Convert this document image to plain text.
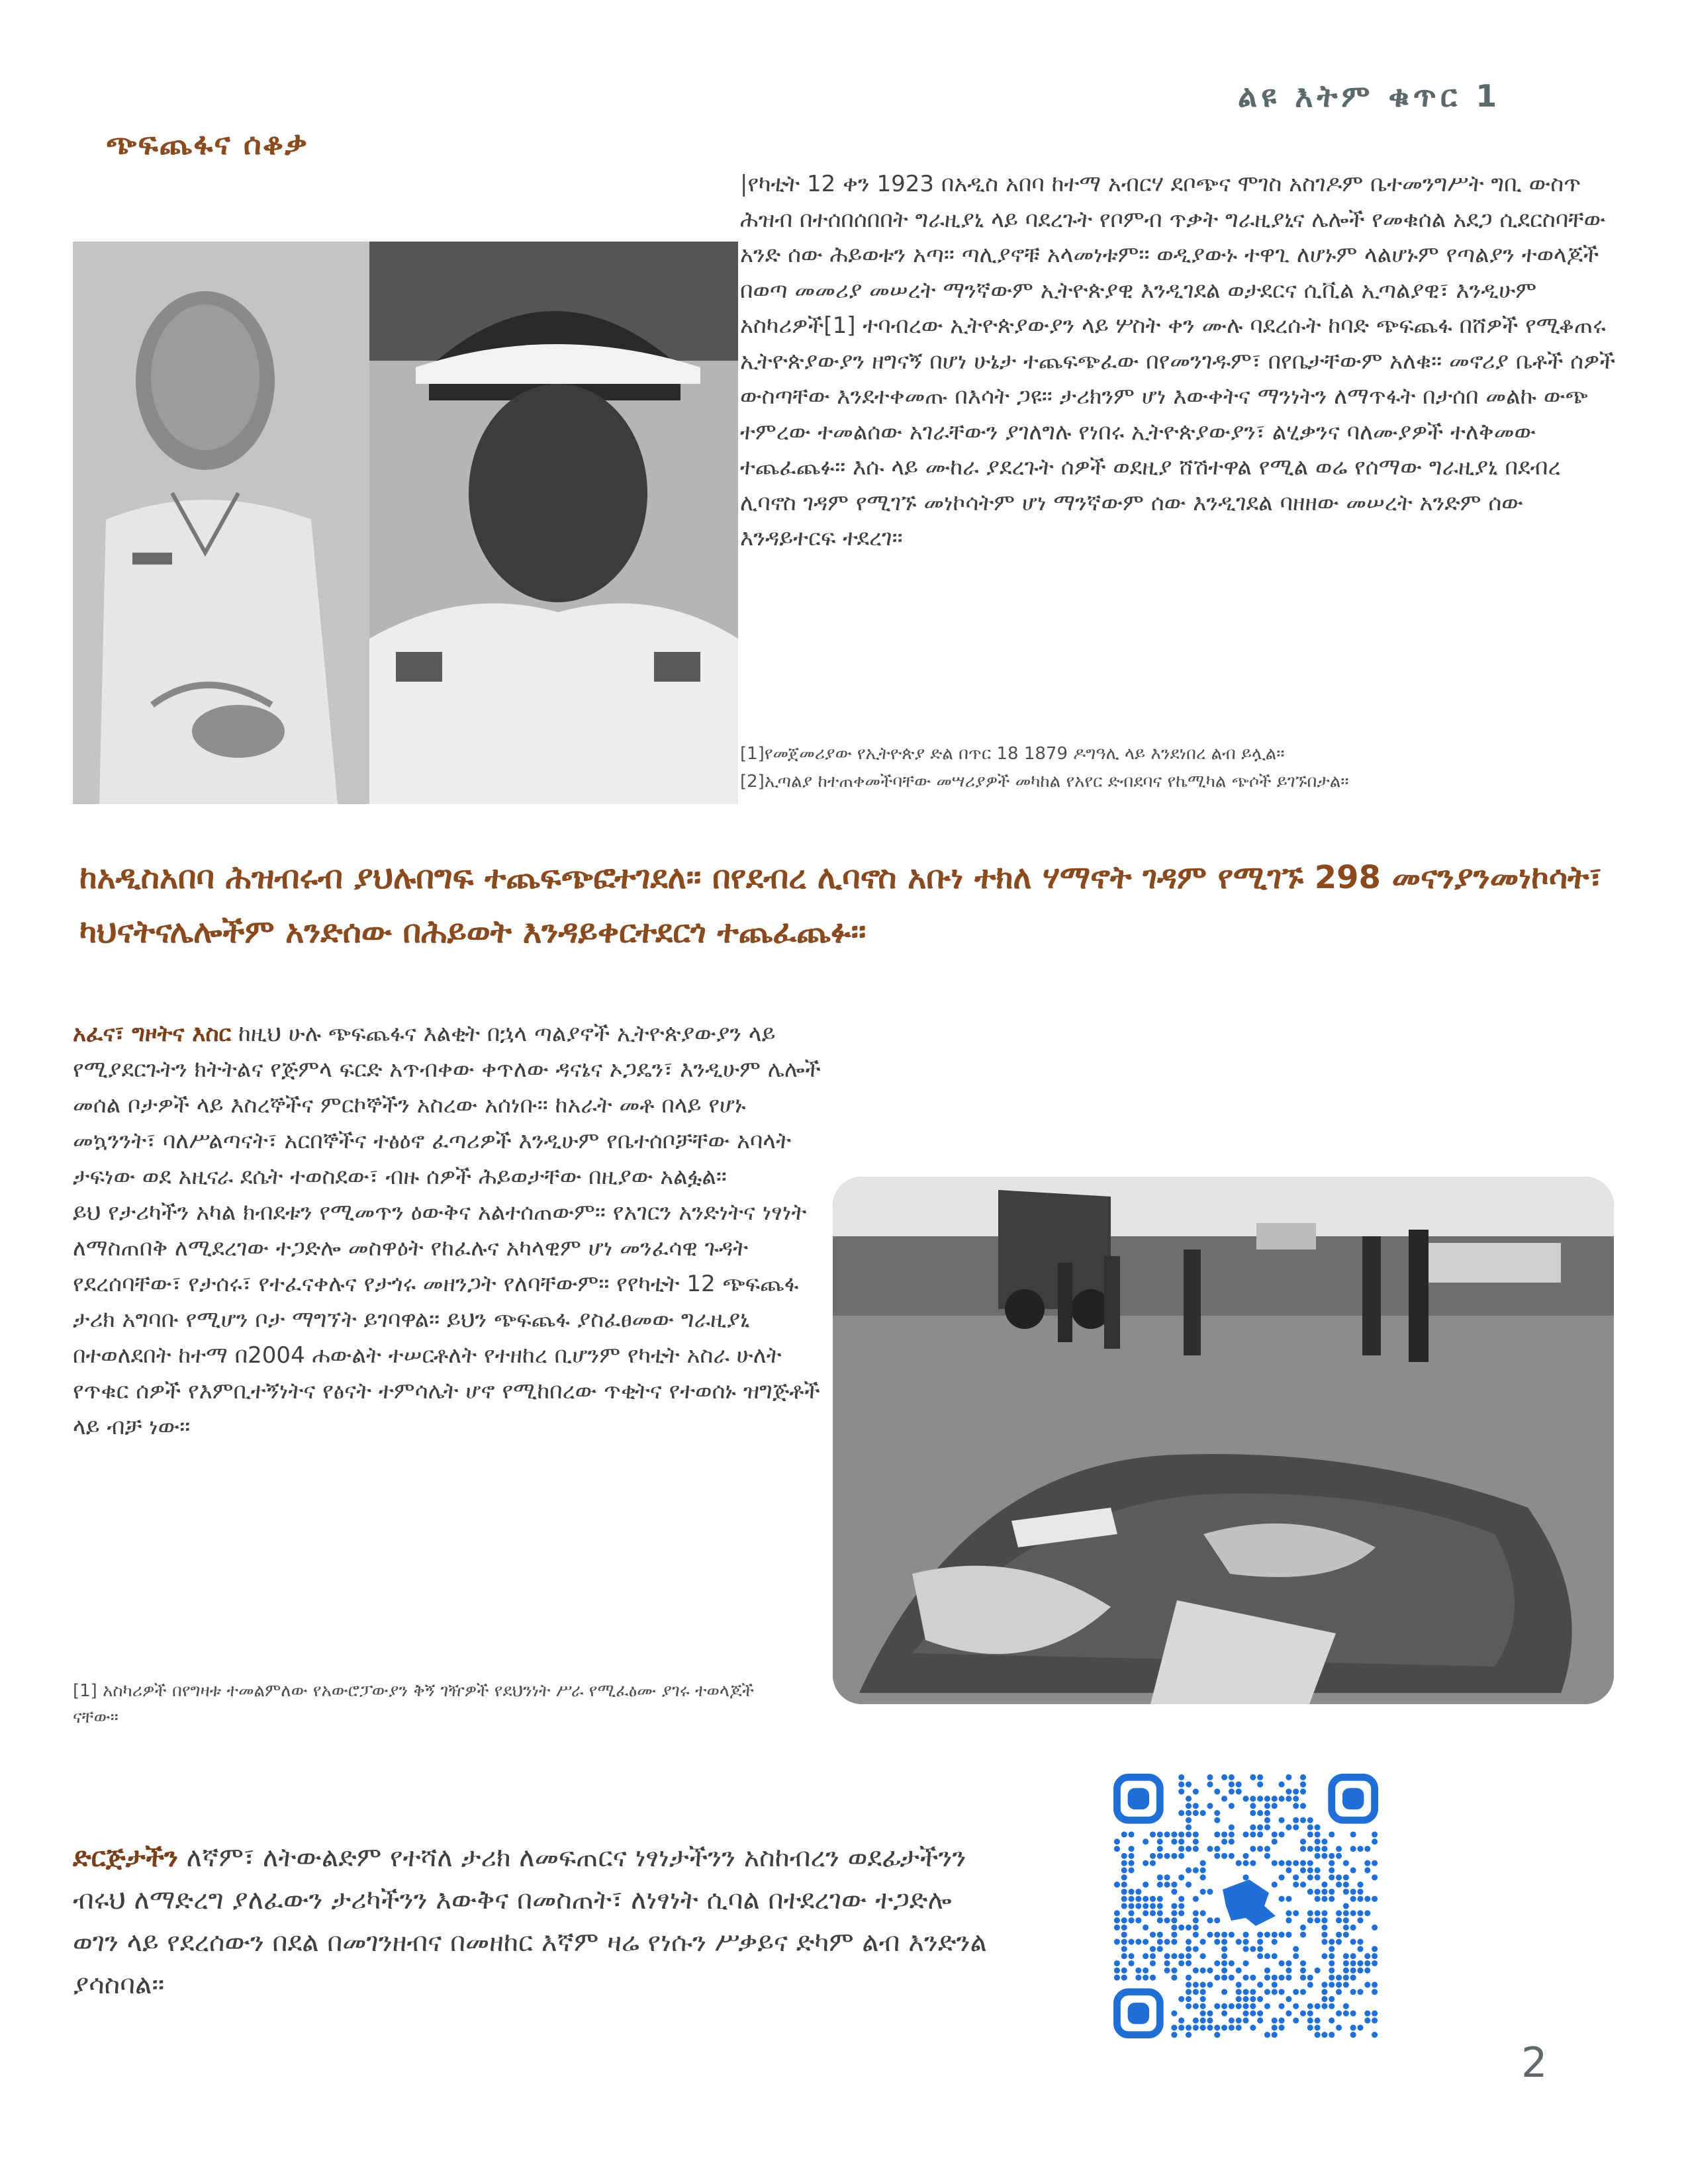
ልዩ እትም ቁጥር 1
ጭፍጨፋና ሰቆቃ

|የካቲት 12 ቀን 1923 በአዲስ አበባ ከተማ አብርሃ ደቦጭና ሞገስ አስገዶም ቤተመንግሥት ግቢ ውስጥ ሕዝብ በተሰበሰበበት ግራዚያኒ ላይ ባደረጉት የቦምብ ጥቃት ግራዚያኒና ሌሎች የመቁሰል አደጋ ሲደርስባቸው አንድ ሰው ሕይወቱን አጣ፡፡ ጣሊያኖቹ አላመነቱም፡፡ ወዲያውኑ ተዋጊ ለሆኑም ላልሆኑም የጣልያን ተወላጆች በወጣ መመሪያ መሠረት ማንኛውም ኢትዮጵያዊ እንዲገደል ወታደርና ሲቪል ኢጣልያዊ፣ እንዲሁም አስካሪዎች[1] ተባብረው ኢትዮጵያውያን ላይ ሦስት ቀን ሙሉ ባደረሱት ከባድ ጭፍጨፋ በሸዎች የሚቆጠሩ ኢትዮጵያውያን ዘግናኝ በሆነ ሁኔታ ተጨፍጭፈው በየመንገዱም፣ በየቤታቸውም አለቁ፡፡ መኖሪያ ቤቶች ሰዎች ውስጣቸው እንደተቀመጡ በእሳት ጋዩ፡፡ ታሪክንም ሆነ እውቀትና ማንነትን ለማጥፋት በታሰበ መልኩ ውጭ ተምረው ተመልሰው አገራቸውን ያገለግሉ የነበሩ ኢትዮጵያውያን፣ ልሂቃንና ባለሙያዎች ተለቅመው ተጨፈጨፉ፡፡ እሱ ላይ ሙከራ ያደረጉት ሰዎች ወደዚያ ሸሽተዋል የሚል ወሬ የሰማው ግራዚያኒ በደብረ ሊባኖስ ገዳም የሚገኙ መነኮሳትም ሆነ ማንኛውም ሰው እንዲገደል ባዘዘው መሠረት አንድም ሰው እንዳይተርፍ ተደረገ፡፡

[1]የመጀመሪያው የኢትዮጵያ ድል በጥር 18 1879 ዶግዓሊ ላይ እንደነበረ ልብ ይሏል፡፡
[2]ኢጣልያ ከተጠቀመችባቸው መሣሪያዎች መካከል የአየር ድብደባና የኬሚካል ጭሶች ይገኙበታል፡፡
ከአዲስአበባ ሕዝብሩብ ያህሉበግፍ ተጨፍጭፎተገደለ፡፡ በየደብረ ሊባኖስ አቡነ ተክለ ሃማኖት ገዳም የሚገኙ 298 መናንያንመነኮሳት፣ ካህናትናሌሎችም አንድሰው በሕይወት እንዳይቀርተደርጎ ተጨፈጨፉ፡፡

አፈና፣ ግዞትና እስር ከዚህ ሁሉ ጭፍጨፋና እልቂት በኋላ ጣልያኖች ኢትዮጵያውያን ላይ የሚያደርጉትን ክትትልና የጅምላ ፍርድ አጥብቀው ቀጥለው ዳናኔና ኦጋዴን፣ እንዲሁም ሌሎች መሰል ቦታዎች ላይ እስረኞችና ምርኮኞችን አስረው አሰነቡ፡፡ ከአራት መቶ በላይ የሆኑ መኳንንት፣ ባለሥልጣናት፣ አርበኞችና ተፅዕኖ ፈጣሪዎች እንዲሁም የቤተሰቦቻቸው አባላት ታፍነው ወደ አዚናራ ደሴት ተወስደው፣ ብዙ ሰዎች ሕይወታቸው በዚያው አልፏል፡፡

ይህ የታሪካችን አካል ክብደቱን የሚመጥን ዕውቅና አልተሰጠውም፡፡ የአገርን አንድነትና ነፃነት ለማስጠበቅ ለሚደረገው ተጋድሎ መስዋዕት የከፈሉና አካላዊም ሆነ መንፈሳዊ ጉዳት የደረሰባቸው፣ የታሰሩ፣ የተፈናቀሉና የታጎሩ መዘንጋት የለባቸውም፡፡ የየካቲት 12 ጭፍጨፋ ታሪክ አግባቡ የሚሆን ቦታ ማግኘት ይገባዋል፡፡ ይህን ጭፍጨፋ ያስፈፀመው ግራዚያኒ በተወለደበት ከተማ በ2004 ሐውልት ተሠርቶለት የተዘከረ ቢሆንም የካቲት አስራ ሁለት የጥቁር ሰዎች የእምቢተኝነትና የፅናት ተምሳሌት ሆኖ የሚከበረው ጥቂትና የተወሰኑ ዝግጅቶች ላይ ብቻ ነው፡፡

[1] አስካሪዎች በየግዛቱ ተመልምለው የአውሮፓውያን ቅኝ ገዥዎች የደህንነት ሥራ የሚፈፅሙ ያገሩ ተወላጆች ናቸው፡፡
ድርጅታችን ለኛም፣ ለትውልድም የተሻለ ታሪክ ለመፍጠርና ነፃነታችንን አስከብረን ወደፊታችንን ብሩህ ለማድረግ ያለፈውን ታሪካችንን እውቅና በመስጠት፣ ለነፃነት ሲባል በተደረገው ተጋድሎ ወገን ላይ የደረሰውን በደል በመገንዘብና በመዘከር እኛም ዛሬ የነሱን ሥቃይና ድካም ልብ እንድንል ያሳስባል፡፡
2
